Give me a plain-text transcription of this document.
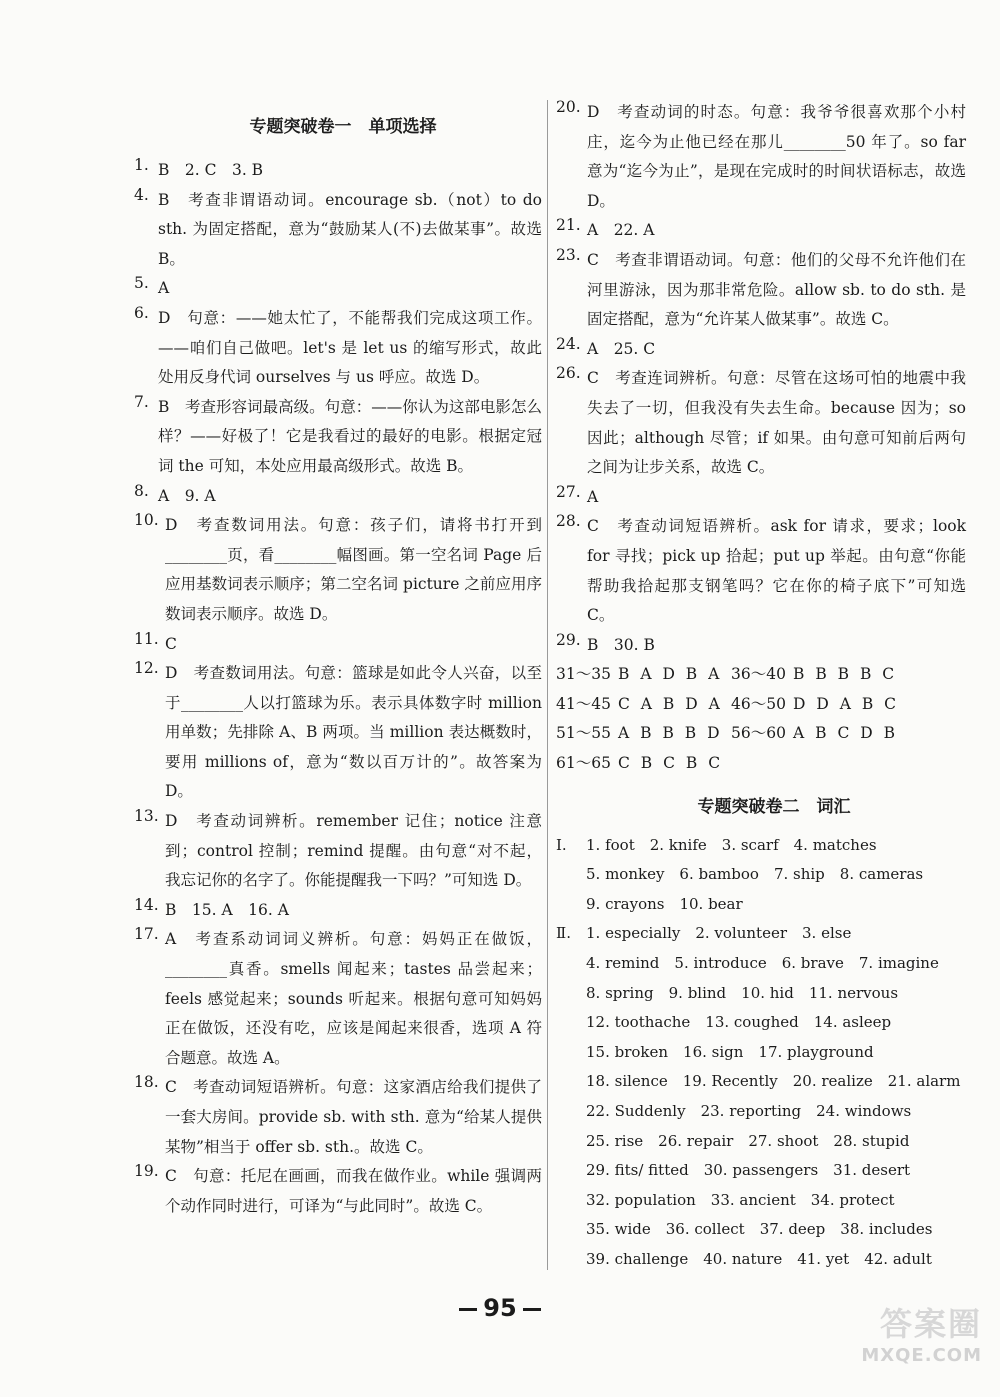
专题突破卷一　单项选择
1. B　2. C　3. B
4. B　考查非谓语动词。encourage sb.（not）to do sth. 为固定搭配，意为“鼓励某人(不)去做某事”。故选 B。
5. A
6. D　句意：——她太忙了，不能帮我们完成这项工作。——咱们自己做吧。let's 是 let us 的缩写形式，故此处用反身代词 ourselves 与 us 呼应。故选 D。
7. B　考查形容词最高级。句意：——你认为这部电影怎么样？——好极了！它是我看过的最好的电影。根据定冠词 the 可知，本处应用最高级形式。故选 B。
8. A　9. A
10. D　考查数词用法。句意：孩子们，请将书打开到________页，看________幅图画。第一空名词 Page 后应用基数词表示顺序；第二空名词 picture 之前应用序数词表示顺序。故选 D。
11. C
12. D　考查数词用法。句意：篮球是如此令人兴奋，以至于________人以打篮球为乐。表示具体数字时 million 用单数；先排除 A、B 两项。当 million 表达概数时，要用 millions of，意为“数以百万计的”。故答案为 D。
13. D　考查动词辨析。remember 记住；notice 注意到；control 控制；remind 提醒。由句意“对不起，我忘记你的名字了。你能提醒我一下吗？”可知选 D。
14. B　15. A　16. A
17. A　考查系动词词义辨析。句意：妈妈正在做饭，________真香。smells 闻起来；tastes 品尝起来；feels 感觉起来；sounds 听起来。根据句意可知妈妈正在做饭，还没有吃，应该是闻起来很香，选项 A 符合题意。故选 A。
18. C　考查动词短语辨析。句意：这家酒店给我们提供了一套大房间。provide sb. with sth. 意为“给某人提供某物”相当于 offer sb. sth.。故选 C。
19. C　句意：托尼在画画，而我在做作业。while 强调两个动作同时进行，可译为“与此同时”。故选 C。
20. D　考查动词的时态。句意：我爷爷很喜欢那个小村庄，迄今为止他已经在那儿________50 年了。so far 意为“迄今为止”，是现在完成时的时间状语标志，故选 D。
21. A　22. A
23. C　考查非谓语动词。句意：他们的父母不允许他们在河里游泳，因为那非常危险。allow sb. to do sth. 是固定搭配，意为“允许某人做某事”。故选 C。
24. A　25. C
26. C　考查连词辨析。句意：尽管在这场可怕的地震中我失去了一切，但我没有失去生命。because 因为；so 因此；although 尽管；if 如果。由句意可知前后两句之间为让步关系，故选 C。
27. A
28. C　考查动词短语辨析。ask for 请求，要求；look for 寻找；pick up 拾起；put up 举起。由句意“你能帮助我拾起那支钢笔吗？它在你的椅子底下”可知选 C。
29. B　30. B
31～35 B A D B A 36～40 B B B B C
41～45 C A B D A 46～50 D D A B C
51～55 A B B B D 56～60 A B C D B
61～65 C B C B C
专题突破卷二　词汇
Ⅰ.	1. foot　2. knife　3. scarf　4. matches
5. monkey　6. bamboo　7. ship　8. cameras
9. crayons　10. bear
Ⅱ.	1. especially　2. volunteer　3. else
4. remind　5. introduce　6. brave　7. imagine
8. spring　9. blind　10. hid　11. nervous
12. toothache　13. coughed　14. asleep
15. broken　16. sign　17. playground
18. silence　19. Recently　20. realize　21. alarm
22. Suddenly　23. reporting　24. windows
25. rise　26. repair　27. shoot　28. stupid
29. fits/ fitted　30. passengers　31. desert
32. population　33. ancient　34. protect
35. wide　36. collect　37. deep　38. includes
39. challenge　40. nature　41. yet　42. adult
95	答案圈
MXQE.COM
